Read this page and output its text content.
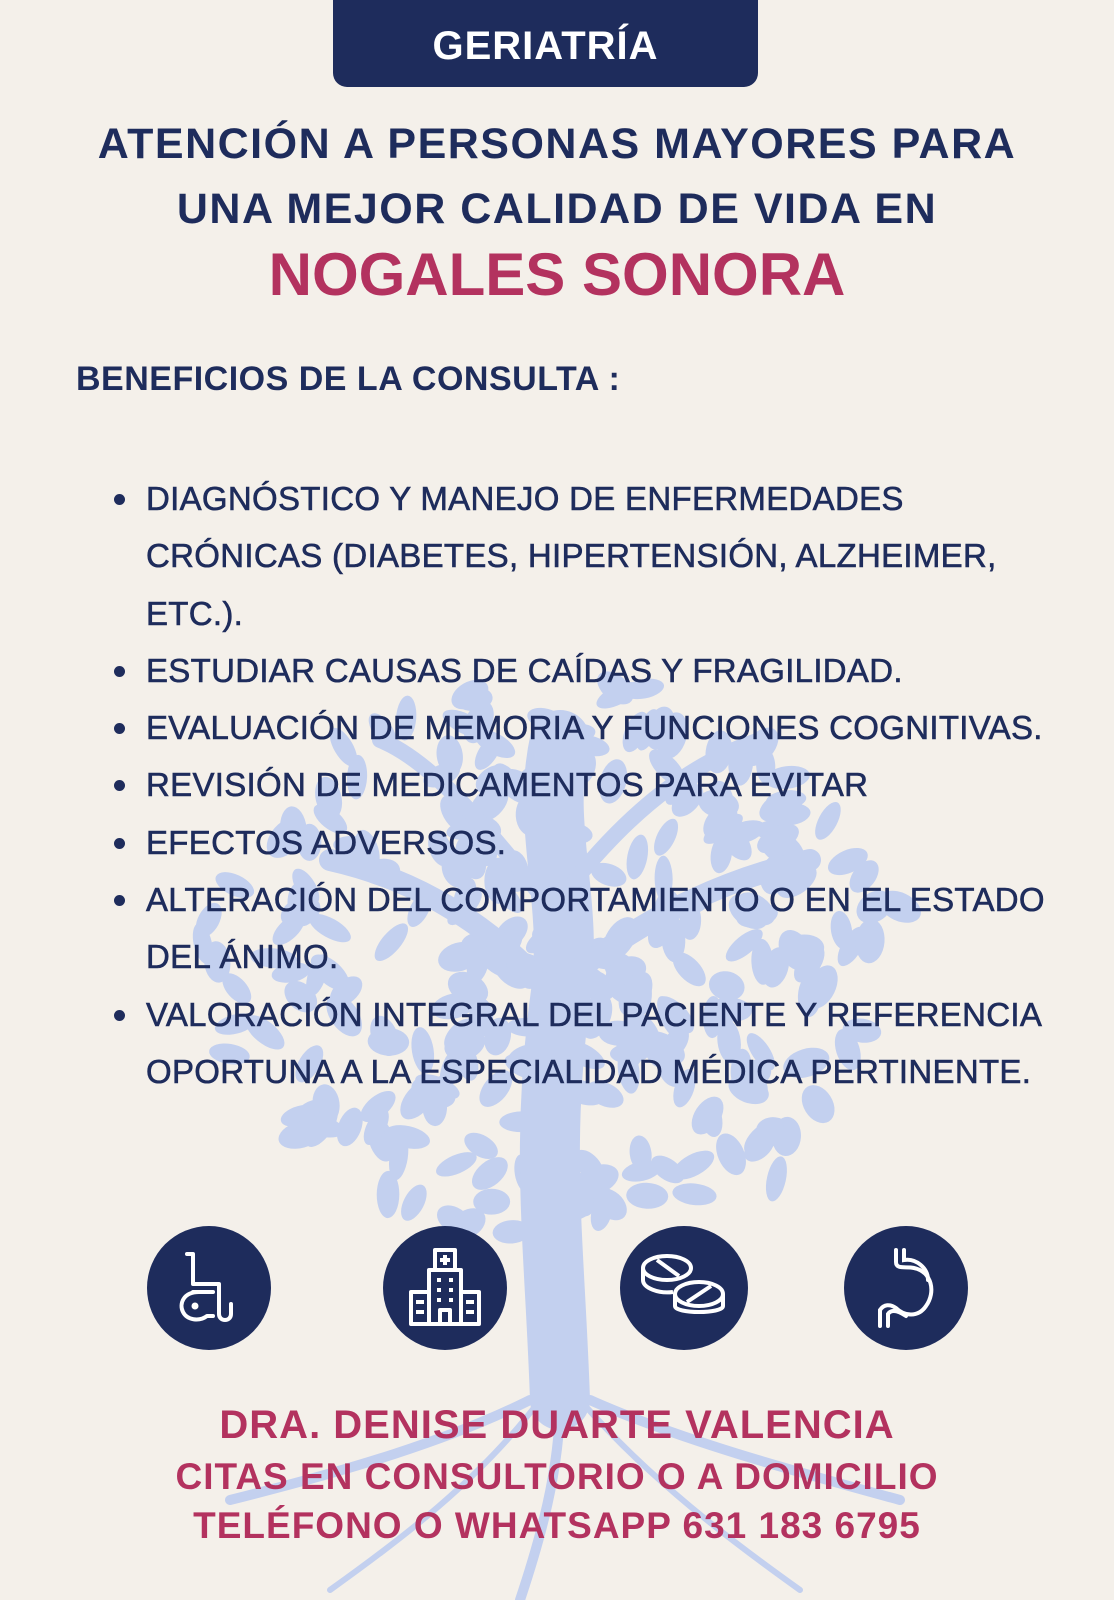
GERIATRÍA
ATENCIÓN A PERSONAS MAYORES PARA
UNA MEJOR CALIDAD DE VIDA EN
NOGALES SONORA
BENEFICIOS DE LA CONSULTA :
DIAGNÓSTICO Y MANEJO DE ENFERMEDADES CRÓNICAS (DIABETES, HIPERTENSIÓN, ALZHEIMER, ETC.).
ESTUDIAR CAUSAS DE CAÍDAS Y FRAGILIDAD.
EVALUACIÓN DE MEMORIA Y FUNCIONES COGNITIVAS.
REVISIÓN DE MEDICAMENTOS PARA EVITAR
EFECTOS ADVERSOS.
ALTERACIÓN DEL COMPORTAMIENTO O EN EL ESTADO DEL ÁNIMO.
VALORACIÓN INTEGRAL DEL PACIENTE Y REFERENCIA OPORTUNA A LA ESPECIALIDAD MÉDICA PERTINENTE.
DRA. DENISE DUARTE VALENCIA
CITAS EN CONSULTORIO O A DOMICILIO
TELÉFONO O WHATSAPP 631 183 6795
